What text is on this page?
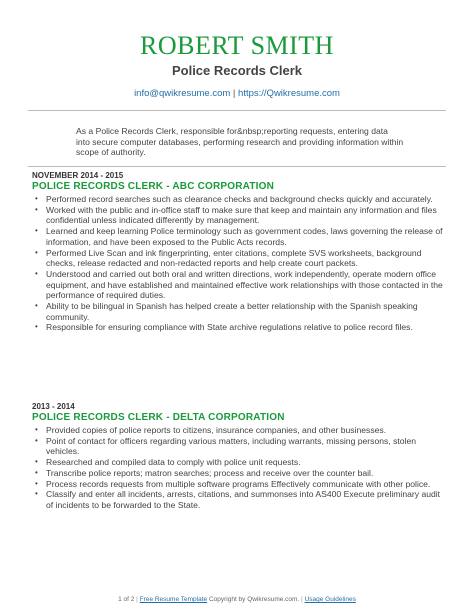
ROBERT SMITH
Police Records Clerk
info@qwikresume.com | https://Qwikresume.com
As a Police Records Clerk, responsible for&nbsp;reporting requests, entering data into secure computer databases, performing research and providing information within scope of authority.
NOVEMBER 2014 - 2015
POLICE RECORDS CLERK - ABC CORPORATION
• Performed record searches such as clearance checks and background checks quickly and accurately.
• Worked with the public and in-office staff to make sure that keep and maintain any information and files confidential unless indicated differently by management.
• Learned and keep learning Police terminology such as government codes, laws governing the release of information, and have been exposed to the Public Acts records.
• Performed Live Scan and ink fingerprinting, enter citations, complete SVS worksheets, background checks, release redacted and non-redacted reports and help create court packets.
• Understood and carried out both oral and written directions, work independently, operate modern office equipment, and have established and maintained effective work relationships with those contacted in the performance of required duties.
• Ability to be bilingual in Spanish has helped create a better relationship with the Spanish speaking community.
• Responsible for ensuring compliance with State archive regulations relative to police record files.
2013 - 2014
POLICE RECORDS CLERK - DELTA CORPORATION
• Provided copies of police reports to citizens, insurance companies, and other businesses.
• Point of contact for officers regarding various matters, including warrants, missing persons, stolen vehicles.
• Researched and compiled data to comply with police unit requests.
• Transcribe police reports; matron searches; process and receive over the counter bail.
• Process records requests from multiple software programs Effectively communicate with other police.
• Classify and enter all incidents, arrests, citations, and summonses into AS400 Execute preliminary audit of incidents to be forwarded to the State.
1 of 2 | Free Resume Template Copyright by Qwikresume.com. | Usage Guidelines
